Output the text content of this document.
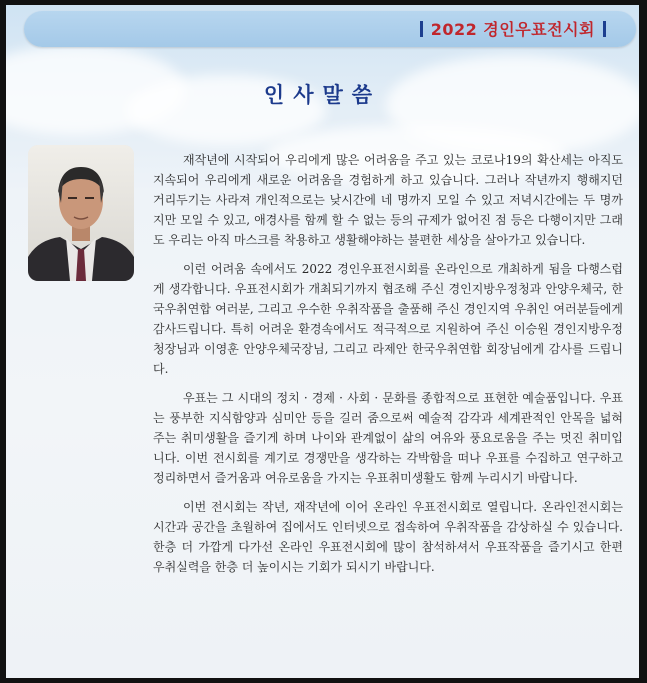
2022 경인우표전시회
인사말씀

재작년에 시작되어 우리에게 많은 어려움을 주고 있는 코로나19의 확산세는 아직도 지속되어 우리에게 새로운 어려움을 경험하게 하고 있습니다. 그러나 작년까지 행해지던 거리두기는 사라져 개인적으로는 낮시간에 네 명까지 모일 수 있고 저녁시간에는 두 명까지만 모일 수 있고, 애경사를 함께 할 수 없는 등의 규제가 없어진 점 등은 다행이지만 그래도 우리는 아직 마스크를 착용하고 생활해야하는 불편한 세상을 살아가고 있습니다.

이런 어려움 속에서도 2022 경인우표전시회를 온라인으로 개최하게 됨을 다행스럽게 생각합니다. 우표전시회가 개최되기까지 협조해 주신 경인지방우정청과 안양우체국, 한국우취연합 여러분, 그리고 우수한 우취작품을 출품해 주신 경인지역 우취인 여러분들에게 감사드립니다. 특히 어려운 환경속에서도 적극적으로 지원하여 주신 이승원 경인지방우정청장님과 이영훈 안양우체국장님, 그리고 라제안 한국우취연합 회장님에게 감사를 드립니다.

우표는 그 시대의 정치 · 경제 · 사회 · 문화를 종합적으로 표현한 예술품입니다. 우표는 풍부한 지식함양과 심미안 등을 길러 줌으로써 예술적 감각과 세계관적인 안목을 넓혀주는 취미생활을 즐기게 하며 나이와 관계없이 삶의 여유와 풍요로움을 주는 멋진 취미입니다. 이번 전시회를 계기로 경쟁만을 생각하는 각박함을 떠나 우표를 수집하고 연구하고 정리하면서 즐거움과 여유로움을 가지는 우표취미생활도 함께 누리시기 바랍니다.

이번 전시회는 작년, 재작년에 이어 온라인 우표전시회로 열립니다. 온라인전시회는 시간과 공간을 초월하여 집에서도 인터넷으로 접속하여 우취작품을 감상하실 수 있습니다. 한층 더 가깝게 다가선 온라인 우표전시회에 많이 참석하셔서 우표작품을 즐기시고 한편 우취실력을 한층 더 높이시는 기회가 되시기 바랍니다.
